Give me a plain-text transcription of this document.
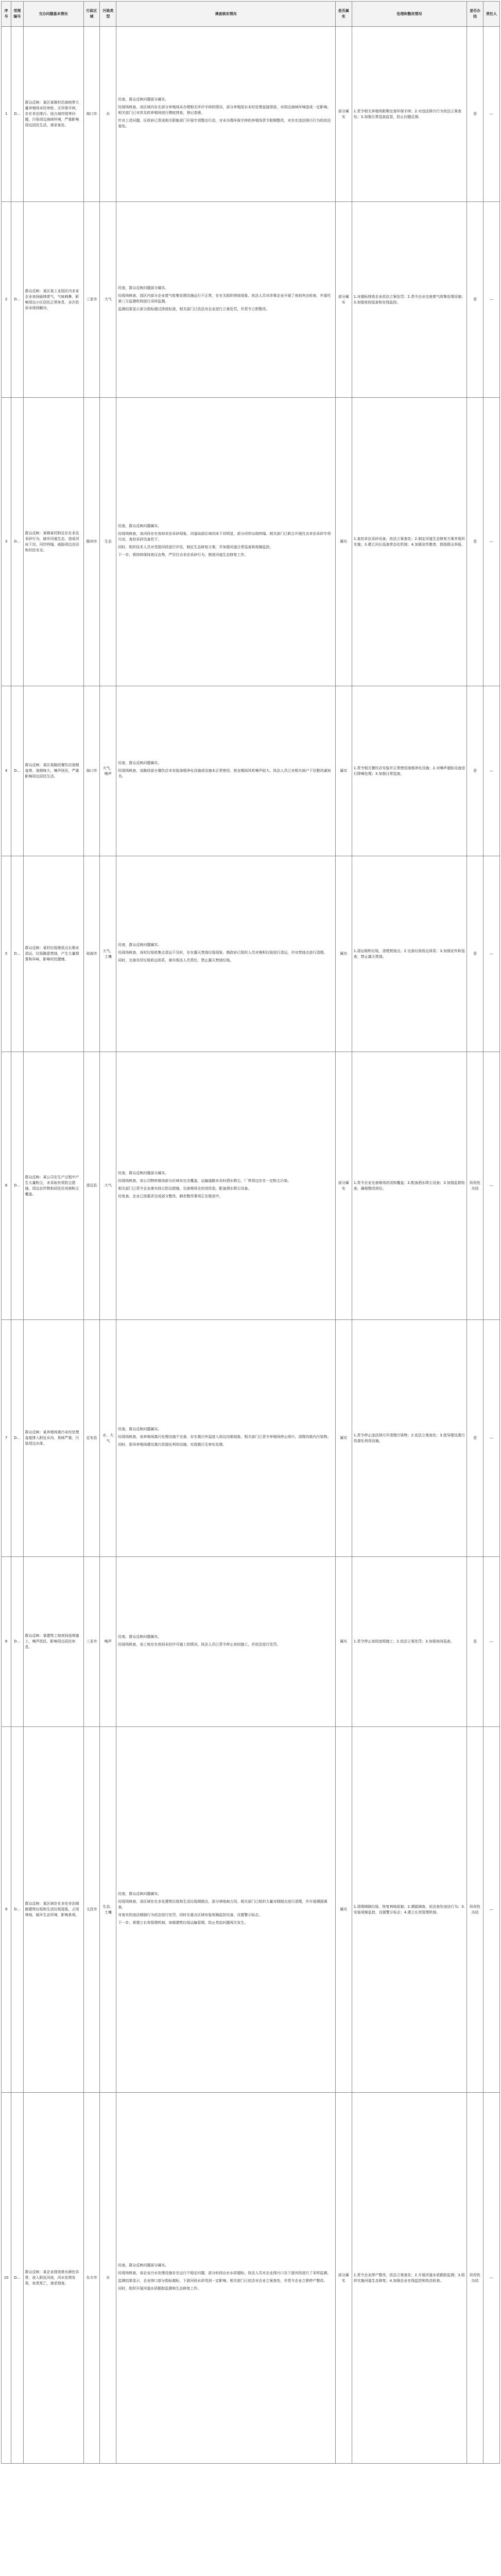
序号	受理编号	交办问题基本情况	行政区域	污染类型	调查核实情况	是否属实	处理和整改情况	是否办结	责任人
1	D...	群众反映：某区某镇村沿海地带大量养殖场未经审批、无环保手续，存在非法排污、侵占海岸线等问题，污染周边海域环境，严重影响周边居民生活，请求查处。	海口市	水	经查，群众反映问题部分属实。
经现场核查，该区域内存在部分养殖场未办理相关环评手续的情况，部分养殖尾水未经处理直接排放，对周边海域环境造成一定影响。相关部门已对涉及的养殖场进行摸底排查，登记造册。
针对上述问题，区政府已责成相关职能部门开展专项整治行动，对未办理环保手续的养殖场责令限期整改，对存在违法排污行为的依法查处。	部分属实	1.责令相关养殖场限期完善环保手续；2.对违法排污行为依法立案查处；3.加强日常巡查监管，防止问题反弹。	是	—
2	D...	群众反映：某区某工业园区内多家企业夜间偷排废气，气味刺鼻，影响周边小区居民正常休息，多次投诉未得到解决。	三亚市	大气	经查，群众反映问题部分属实。
经现场核查，园区内部分企业废气收集处理设施运行不正常，存在无组织排放现象。执法人员对涉事企业开展了夜间突击检查，并委托第三方监测机构进行采样监测。
监测结果显示部分指标超过排放标准，相关部门已依法对企业进行立案处罚，并责令立即整改。	部分属实	1.对超标排放企业依法立案处罚；2.责令企业完善废气收集处理设施；3.加强夜间巡查和在线监控。	是	—
3	D...	群众反映：某镇某村附近存在非法采砂行为，破坏河道生态，造成河床下切、河岸坍塌，威胁周边农田和村民安全。	儋州市	生态	经查，群众反映问题属实。
经现场核查，该河段存在夜间非法采砂现象，河道局部区域河床下切明显，部分河岸出现坍塌。相关部门已联合开展打击非法采砂专项行动，查扣采砂设备若干。
同时，组织技术人员对受损河段进行评估，制定生态修复方案，并加强河道日常巡查和视频监控。
下一步，将持续保持高压态势，严厉打击非法采砂行为，推进河道生态修复工作。	属实	1.查扣非法采砂设备，依法立案查处；2.制定河道生态修复方案并组织实施；3.建立河长巡查常态化机制；4.加强宣传教育，鼓励群众举报。	是	—
4	D...	群众反映：某区某路段餐饮店油烟直排，油烟味大，噪声扰民，严重影响周边居民生活。	海口市	大气、噪声	经查，群众反映问题属实。
经现场核查，该路段部分餐饮店未安装油烟净化设施或设施未正常使用，营业期间风机噪声较大。执法人员已对相关商户下达整改通知书。	属实	1.责令相关餐饮店安装并正常使用油烟净化设施；2.对噪声超标设备进行降噪处理；3.加强日常巡查。	是	—
5	D...	群众反映：某村垃圾堆放点长期未清运，垃圾随意焚烧，产生大量烟雾和异味，影响村民健康。	琼海市	大气、土壤	经查，群众反映问题属实。
经现场核查，该村垃圾收集点清运不及时，存在露天焚烧垃圾现象。镇政府已组织人员对堆积垃圾进行清运，并对焚烧点进行清理。
同时，完善农村垃圾收运体系，落实保洁人员责任，禁止露天焚烧垃圾。	属实	1.清运堆积垃圾，清理焚烧点；2.完善垃圾收运体系；3.加强宣传和巡查，禁止露天焚烧。	是	—
6	D...	群众反映：某公司在生产过程中产生大量粉尘，未采取有效防尘措施，周边农作物和居民住房被粉尘覆盖。	澄迈县	大气	经查，群众反映问题部分属实。
经现场核查，该公司物料堆场部分区域未完全覆盖，运输道路未及时洒水降尘，厂界周边存在一定粉尘污染。
相关部门已责令企业落实扬尘防治措施，完善堆场全封闭改造，配备洒水降尘设备。
经复查，企业已按要求完成部分整改，剩余整改事项正在推进中。	部分属实	1.责令企业完善堆场封闭和覆盖；2.配备洒水降尘设备；3.加强监督检查，确保整改到位。	阶段性办结	—
7	D...	群众反映：某养殖场粪污未经处理直接排入附近水沟，臭味严重，污染周边水体。	定安县	水、大气	经查，群众反映问题属实。
经现场核查，该养殖场粪污处理设施不完善，存在粪污外溢进入周边沟渠现象。相关部门已责令养殖场停止排污，清理沟渠内污染物。
同时，指导养殖场建设粪污资源化利用设施，实现粪污无害化处理。	属实	1.责令停止违法排污并清理污染物；2.依法立案查处；3.指导建设粪污资源化利用设施。	是	—
8	D...	群众反映：某建筑工地夜间违规施工，噪声扰民，影响周边居民休息。	三亚市	噪声	经查，群众反映问题属实。
经现场核查，该工地存在夜间未经许可施工的情况。执法人员已责令停止夜间施工，并依法进行处罚。	属实	1.责令停止夜间违规施工；2.依法立案处罚；3.加强夜间巡查。	是	—
9	D...	群众反映：某区域存在多处非法倾倒建筑垃圾和生活垃圾现象，占用林地，破坏生态环境，影响景观。	文昌市	生态、土壤	经查，群众反映问题属实。
经现场核查，该区域存在多处建筑垃圾和生活垃圾倾倒点，部分林地被占用。相关部门已组织力量对倾倒点进行清理，并开展溯源调查。
对查实的违法倾倒行为依法进行处罚，同时在重点区域安装视频监控设备，设置警示标志。
下一步，将建立长效管理机制，加强建筑垃圾运输管理，防止类似问题再次发生。	属实	1.清理倾倒垃圾，恢复林地原貌；2.溯源调查，依法查处违法行为；3.安装视频监控，设置警示标志；4.建立长效管理机制。	阶段性办结	—
10	D...	群众反映：某企业排放废水颜色异常，流入附近河流，河水发黑发臭，鱼类死亡，请求彻查。	东方市	水	经查，群众反映问题部分属实。
经现场核查，该企业污水处理设施存在运行不稳定问题，部分时段出水水质超标。执法人员对企业排污口及下游河段进行了采样监测。
监测结果显示，企业排口部分指标超标，下游河段水质受到一定影响。相关部门已依法对企业立案查处，并责令企业立即停产整改。
同时，组织开展河道水质跟踪监测和生态修复工作。	部分属实	1.责令企业停产整改，依法立案查处；2.开展河道水质跟踪监测；3.组织实施河道生态修复；4.加强企业在线监控和执法检查。	阶段性办结	—
